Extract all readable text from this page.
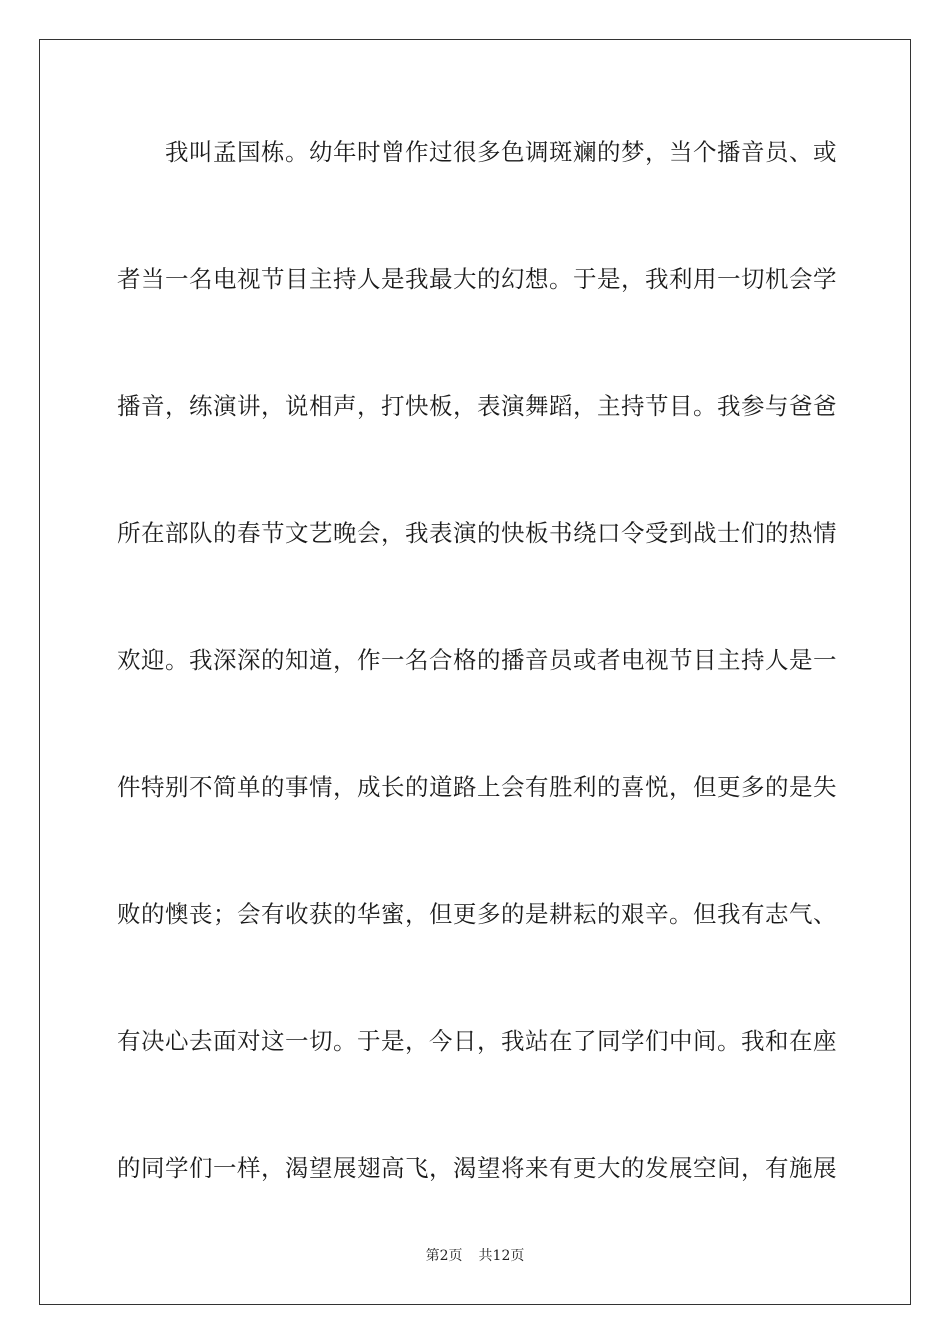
我叫孟国栋。幼年时曾作过很多色调斑斓的梦，当个播音员、或
者当一名电视节目主持人是我最大的幻想。于是，我利用一切机会学
播音，练演讲，说相声，打快板，表演舞蹈，主持节目。我参与爸爸
所在部队的春节文艺晚会，我表演的快板书绕口令受到战士们的热情
欢迎。我深深的知道，作一名合格的播音员或者电视节目主持人是一
件特别不简单的事情，成长的道路上会有胜利的喜悦，但更多的是失
败的懊丧；会有收获的华蜜，但更多的是耕耘的艰辛。但我有志气、
有决心去面对这一切。于是，今日，我站在了同学们中间。我和在座
的同学们一样，渴望展翅高飞，渴望将来有更大的发展空间，有施展
第2页 共12页
